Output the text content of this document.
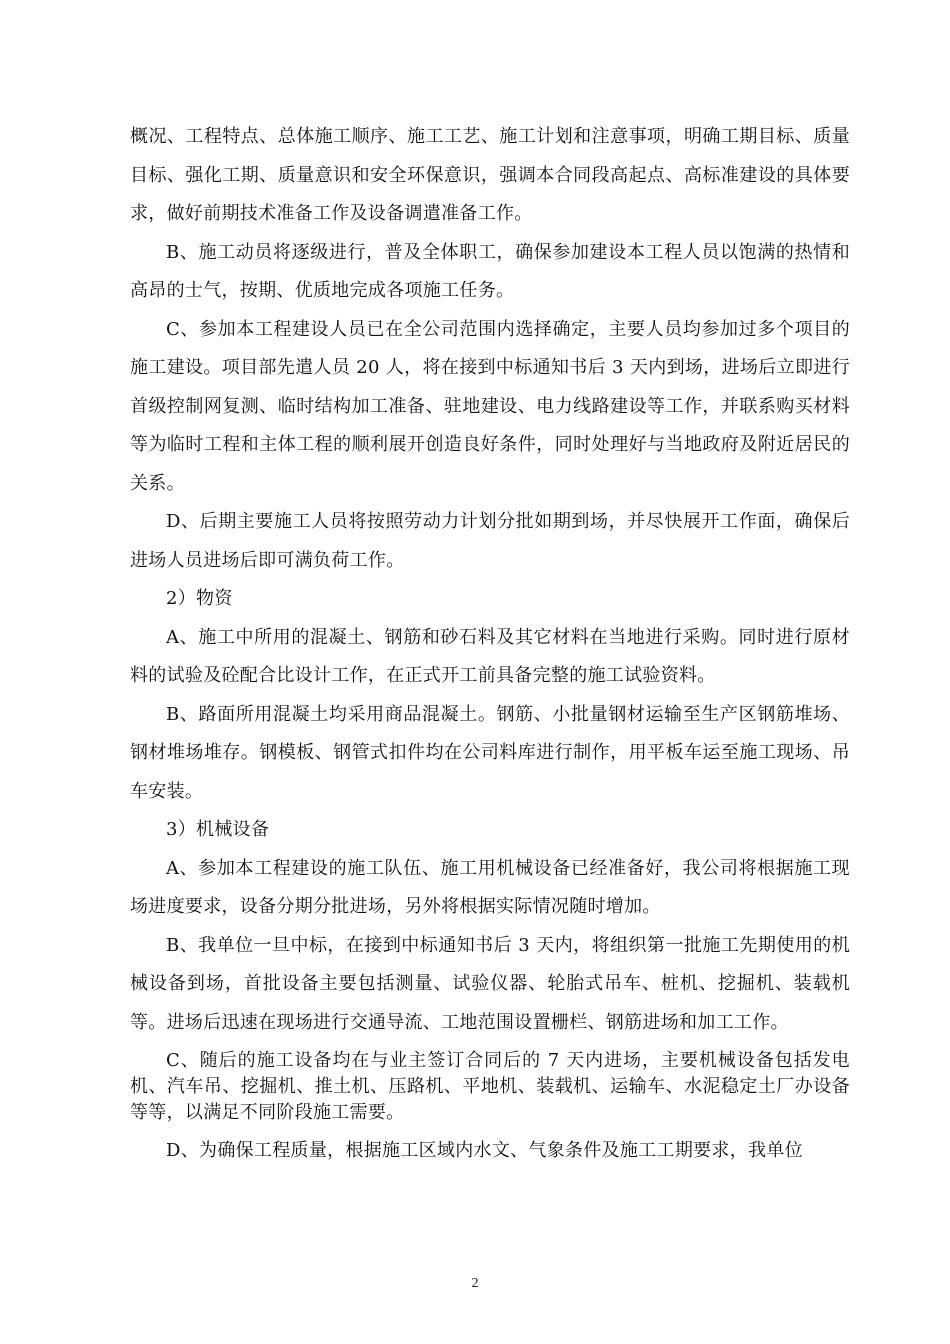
概况、工程特点、总体施工顺序、施工工艺、施工计划和注意事项，明确工期目标、质量目标、强化工期、质量意识和安全环保意识，强调本合同段高起点、高标准建设的具体要求，做好前期技术准备工作及设备调遣准备工作。

B、施工动员将逐级进行，普及全体职工，确保参加建设本工程人员以饱满的热情和高昂的士气，按期、优质地完成各项施工任务。

C、参加本工程建设人员已在全公司范围内选择确定，主要人员均参加过多个项目的施工建设。项目部先遣人员 20 人，将在接到中标通知书后 3 天内到场，进场后立即进行首级控制网复测、临时结构加工准备、驻地建设、电力线路建设等工作，并联系购买材料等为临时工程和主体工程的顺利展开创造良好条件，同时处理好与当地政府及附近居民的关系。

D、后期主要施工人员将按照劳动力计划分批如期到场，并尽快展开工作面，确保后进场人员进场后即可满负荷工作。

2）物资

A、施工中所用的混凝土、钢筋和砂石料及其它材料在当地进行采购。同时进行原材料的试验及砼配合比设计工作，在正式开工前具备完整的施工试验资料。

B、路面所用混凝土均采用商品混凝土。钢筋、小批量钢材运输至生产区钢筋堆场、钢材堆场堆存。钢模板、钢管式扣件均在公司料库进行制作，用平板车运至施工现场、吊车安装。

3）机械设备

A、参加本工程建设的施工队伍、施工用机械设备已经准备好，我公司将根据施工现场进度要求，设备分期分批进场，另外将根据实际情况随时增加。

B、我单位一旦中标，在接到中标通知书后 3 天内，将组织第一批施工先期使用的机械设备到场，首批设备主要包括测量、试验仪器、轮胎式吊车、桩机、挖掘机、装载机等。进场后迅速在现场进行交通导流、工地范围设置栅栏、钢筋进场和加工工作。

C、随后的施工设备均在与业主签订合同后的 7 天内进场，主要机械设备包括发电机、汽车吊、挖掘机、推土机、压路机、平地机、装载机、运输车、水泥稳定土厂办设备等等，以满足不同阶段施工需要。

D、为确保工程质量，根据施工区域内水文、气象条件及施工工期要求，我单位

2
